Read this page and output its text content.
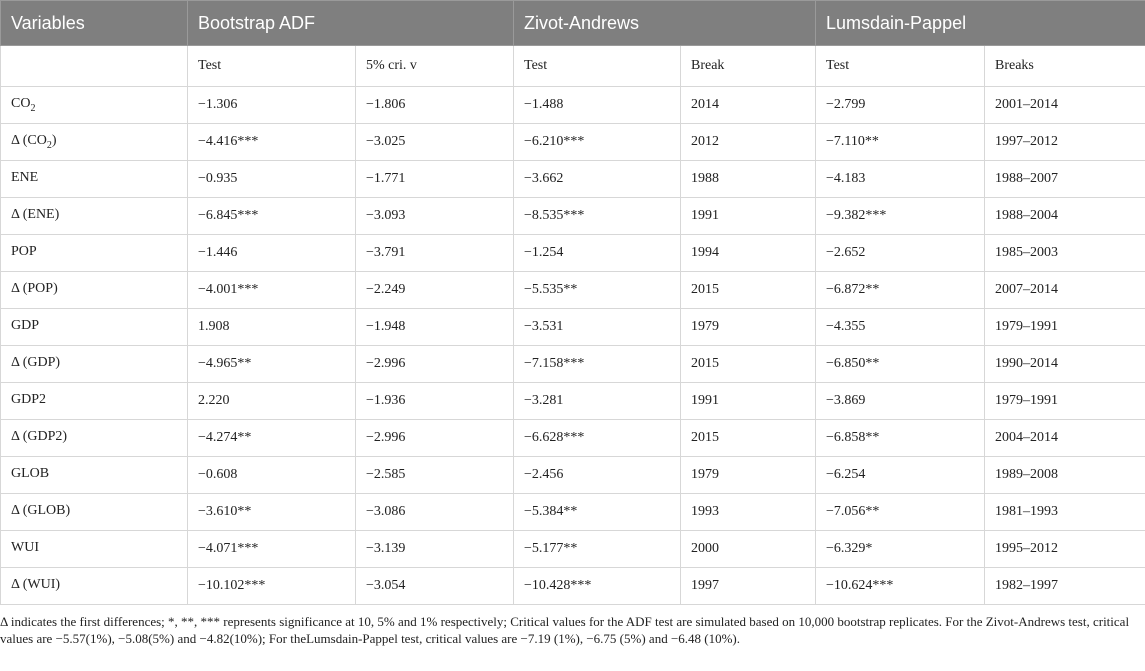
Variables	Bootstrap ADF		Zivot-Andrews		Lumsdain-Pappel	
	Test	5% cri. v	Test	Break	Test	Breaks
$CO_2$	−1.306	−1.806	−1.488	2014	−2.799	2001–2014
Δ $(CO_2)$	−4.416***	−3.025	−6.210***	2012	−7.110**	1997–2012
ENE	−0.935	−1.771	−3.662	1988	−4.183	1988–2007
Δ (ENE)	−6.845***	−3.093	−8.535***	1991	−9.382***	1988–2004
POP	−1.446	−3.791	−1.254	1994	−2.652	1985–2003
Δ (POP)	−4.001***	−2.249	−5.535**	2015	−6.872**	2007–2014
GDP	1.908	−1.948	−3.531	1979	−4.355	1979–1991
Δ (GDP)	−4.965**	−2.996	−7.158***	2015	−6.850**	1990–2014
GDP2	2.220	−1.936	−3.281	1991	−3.869	1979–1991
Δ (GDP2)	−4.274**	−2.996	−6.628***	2015	−6.858**	2004–2014
GLOB	−0.608	−2.585	−2.456	1979	−6.254	1989–2008
Δ (GLOB)	−3.610**	−3.086	−5.384**	1993	−7.056**	1981–1993
WUI	−4.071***	−3.139	−5.177**	2000	−6.329*	1995–2012
Δ (WUI)	−10.102***	−3.054	−10.428***	1997	−10.624***	1982–1997
Δ indicates the first differences; *, **, *** represents significance at 10, 5% and 1% respectively; Critical values for the ADF test are simulated based on 10,000 bootstrap replicates. For the Zivot-Andrews test, critical values are −5.57(1%), −5.08(5%) and −4.82(10%); For theLumsdain-Pappel test, critical values are −7.19 (1%), −6.75 (5%) and −6.48 (10%).
